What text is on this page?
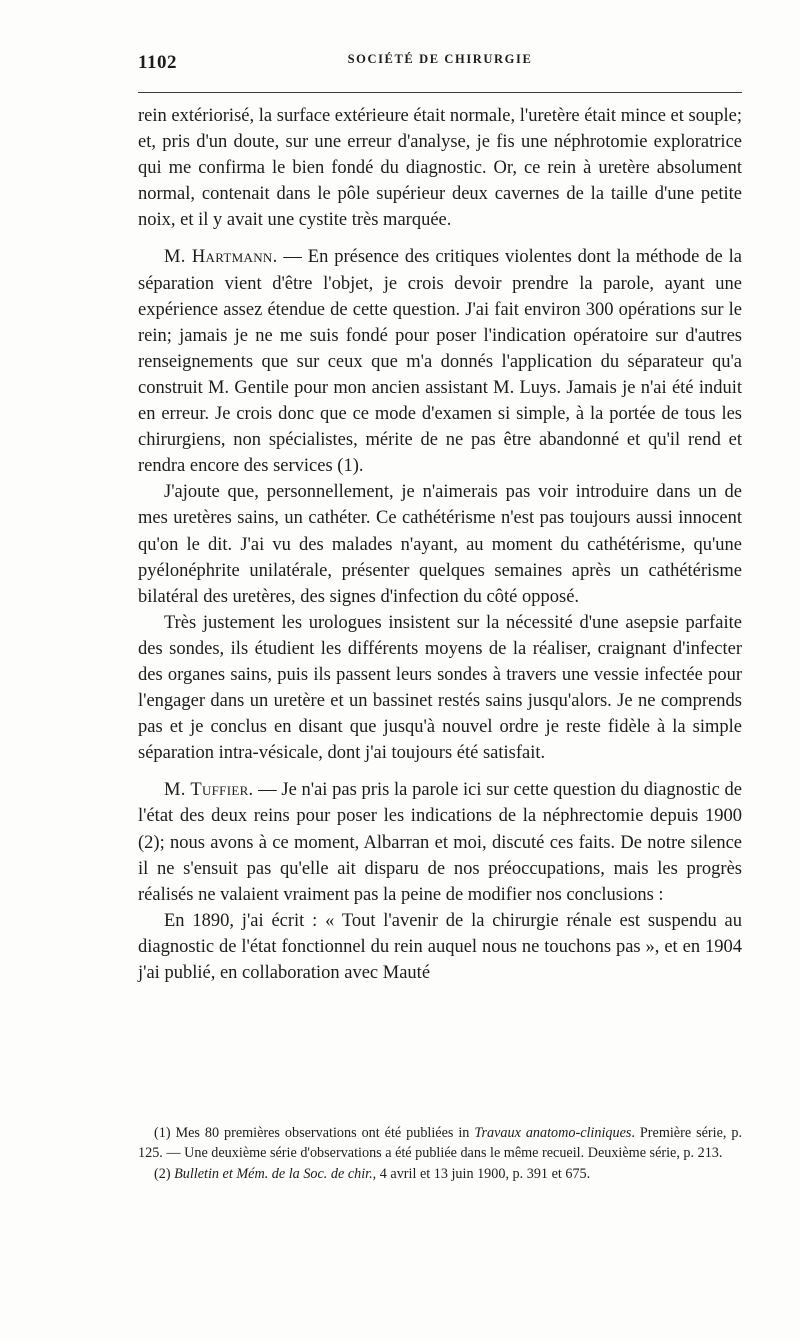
1102	SOCIÉTÉ DE CHIRURGIE

rein extériorisé, la surface extérieure était normale, l'uretère était mince et souple; et, pris d'un doute, sur une erreur d'analyse, je fis une néphrotomie exploratrice qui me confirma le bien fondé du diagnostic. Or, ce rein à uretère absolument normal, contenait dans le pôle supérieur deux cavernes de la taille d'une petite noix, et il y avait une cystite très marquée.

M. Hartmann. — En présence des critiques violentes dont la méthode de la séparation vient d'être l'objet, je crois devoir prendre la parole, ayant une expérience assez étendue de cette question. J'ai fait environ 300 opérations sur le rein; jamais je ne me suis fondé pour poser l'indication opératoire sur d'autres renseignements que sur ceux que m'a donnés l'application du séparateur qu'a construit M. Gentile pour mon ancien assistant M. Luys. Jamais je n'ai été induit en erreur. Je crois donc que ce mode d'examen si simple, à la portée de tous les chirurgiens, non spécialistes, mérite de ne pas être abandonné et qu'il rend et rendra encore des services (1).

J'ajoute que, personnellement, je n'aimerais pas voir introduire dans un de mes uretères sains, un cathéter. Ce cathétérisme n'est pas toujours aussi innocent qu'on le dit. J'ai vu des malades n'ayant, au moment du cathétérisme, qu'une pyélonéphrite unilatérale, présenter quelques semaines après un cathétérisme bilatéral des uretères, des signes d'infection du côté opposé.

Très justement les urologues insistent sur la nécessité d'une asepsie parfaite des sondes, ils étudient les différents moyens de la réaliser, craignant d'infecter des organes sains, puis ils passent leurs sondes à travers une vessie infectée pour l'engager dans un uretère et un bassinet restés sains jusqu'alors. Je ne comprends pas et je conclus en disant que jusqu'à nouvel ordre je reste fidèle à la simple séparation intra-vésicale, dont j'ai toujours été satisfait.

M. Tuffier. — Je n'ai pas pris la parole ici sur cette question du diagnostic de l'état des deux reins pour poser les indications de la néphrectomie depuis 1900 (2); nous avons à ce moment, Albarran et moi, discuté ces faits. De notre silence il ne s'ensuit pas qu'elle ait disparu de nos préoccupations, mais les progrès réalisés ne valaient vraiment pas la peine de modifier nos conclusions :

En 1890, j'ai écrit : « Tout l'avenir de la chirurgie rénale est suspendu au diagnostic de l'état fonctionnel du rein auquel nous ne touchons pas », et en 1904 j'ai publié, en collaboration avec Mauté

(1) Mes 80 premières observations ont été publiées in Travaux anatomo-cliniques. Première série, p. 125. — Une deuxième série d'observations a été publiée dans le même recueil. Deuxième série, p. 213.

(2) Bulletin et Mém. de la Soc. de chir., 4 avril et 13 juin 1900, p. 391 et 675.
